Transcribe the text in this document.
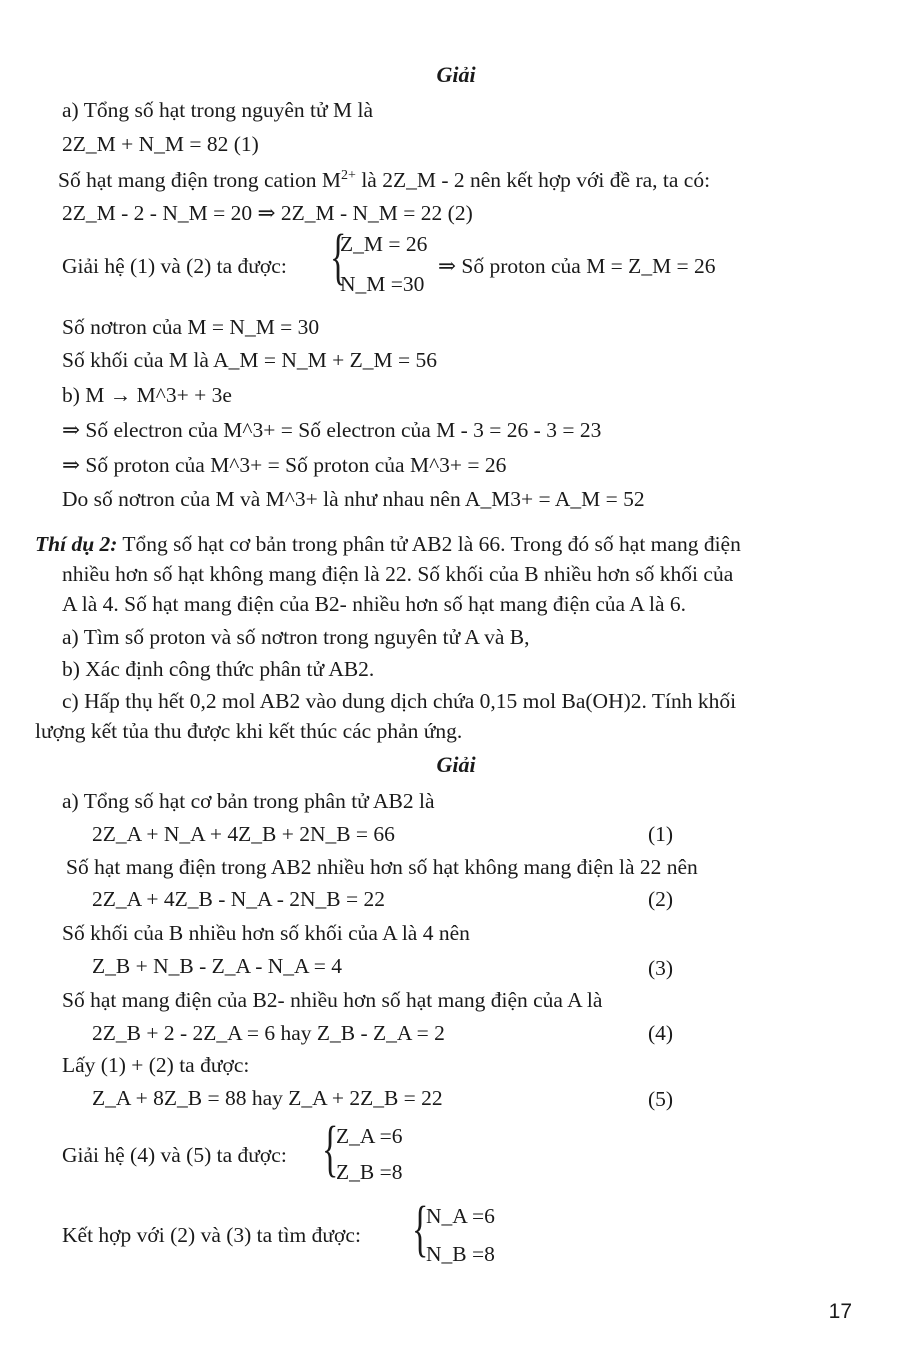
Giải
a) Tổng số hạt trong nguyên tử M là
2Z_M + N_M = 82 (1)
Số hạt mang điện trong cation $M^{2+}$ là 2Z_M - 2 nên kết hợp với đề ra, ta có:
2Z_M - 2 - N_M = 20 ⇒ 2Z_M - N_M = 22 (2)
Giải hệ (1) và (2) ta được: {
Z_M = 26
N_M =30
⇒ Số proton của M = Z_M = 26
Số nơtron của M = N_M = 30
Số khối của M là A_M = N_M + Z_M = 56
b) M → M^3+ + 3e
⇒ Số electron của M^3+ = Số electron của M - 3 = 26 - 3 = 23
⇒ Số proton của M^3+ = Số proton của M^3+ = 26
Do số nơtron của M và M^3+ là như nhau nên A_M3+ = A_M = 52
Thí dụ 2: Tổng số hạt cơ bản trong phân tử AB2 là 66. Trong đó số hạt mang điện
nhiều hơn số hạt không mang điện là 22. Số khối của B nhiều hơn số khối của
A là 4. Số hạt mang điện của B2- nhiều hơn số hạt mang điện của A là 6.
a) Tìm số proton và số nơtron trong nguyên tử A và B,
b) Xác định công thức phân tử AB2.
c) Hấp thụ hết 0,2 mol AB2 vào dung dịch chứa 0,15 mol Ba(OH)2. Tính khối
lượng kết tủa thu được khi kết thúc các phản ứng.
Giải
a) Tổng số hạt cơ bản trong phân tử AB2 là
2Z_A + N_A + 4Z_B + 2N_B = 66	(1)
Số hạt mang điện trong AB2 nhiều hơn số hạt không mang điện là 22 nên
2Z_A + 4Z_B - N_A - 2N_B = 22	(2)
Số khối của B nhiều hơn số khối của A là 4 nên
Z_B + N_B - Z_A - N_A = 4	(3)
Số hạt mang điện của B2- nhiều hơn số hạt mang điện của A là
2Z_B + 2 - 2Z_A = 6 hay Z_B - Z_A = 2	(4)
Lấy (1) + (2) ta được:
Z_A + 8Z_B = 88 hay Z_A + 2Z_B = 22	(5)
Giải hệ (4) và (5) ta được: {
Z_A =6
Z_B =8
Kết hợp với (2) và (3) ta tìm được: {
N_A =6
N_B =8
17
